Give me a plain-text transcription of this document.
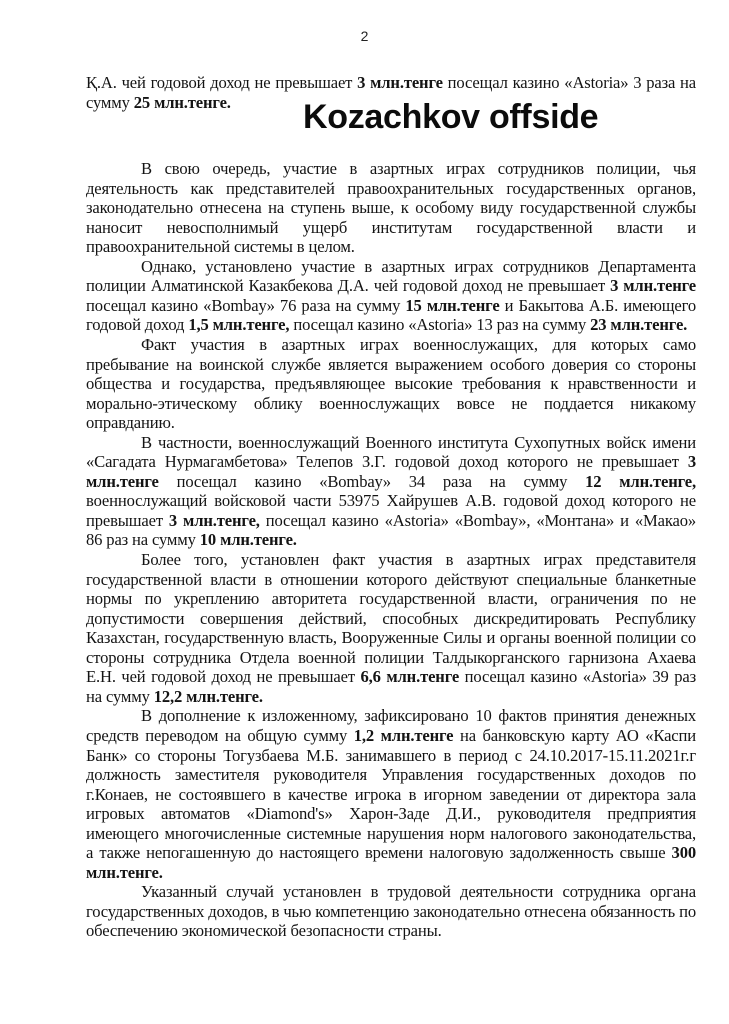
2

Қ.А. чей годовой доход не превышает 3 млн.тенге посещал казино «Astoria» 3 раза на сумму 25 млн.тенге.

В свою очередь, участие в азартных играх сотрудников полиции, чья деятельность как представителей правоохранительных государственных органов, законодательно отнесена на ступень выше, к особому виду государственной службы наносит невосполнимый ущерб институтам государственной власти и правоохранительной системы в целом.

Однако, установлено участие в азартных играх сотрудников Департамента полиции Алматинской Казакбекова Д.А. чей годовой доход не превышает 3 млн.тенге посещал казино «Bombay» 76 раза на сумму 15 млн.тенге и Бакытова А.Б. имеющего годовой доход 1,5 млн.тенге, посещал казино «Astoria» 13 раз на сумму 23 млн.тенге.

Факт участия в азартных играх военнослужащих, для которых само пребывание на воинской службе является выражением особого доверия со стороны общества и государства, предъявляющее высокие требования к нравственности и морально-этическому облику военнослужащих вовсе не поддается никакому оправданию.

В частности, военнослужащий Военного института Сухопутных войск имени «Сагадата Нурмагамбетова» Телепов З.Г. годовой доход которого не превышает 3 млн.тенге посещал казино «Bombay» 34 раза на сумму 12 млн.тенге, военнослужащий войсковой части 53975 Хайрушев А.В. годовой доход которого не превышает 3 млн.тенге, посещал казино «Astoria» «Bombay», «Монтана» и «Макао» 86 раз на сумму 10 млн.тенге.

Более того, установлен факт участия в азартных играх представителя государственной власти в отношении которого действуют специальные бланкетные нормы по укреплению авторитета государственной власти, ограничения по не допустимости совершения действий, способных дискредитировать Республику Казахстан, государственную власть, Вооруженные Силы и органы военной полиции со стороны сотрудника Отдела военной полиции Талдыкорганского гарнизона Ахаева Е.Н. чей годовой доход не превышает 6,6 млн.тенге посещал казино «Astoria» 39 раз на сумму 12,2 млн.тенге.

В дополнение к изложенному, зафиксировано 10 фактов принятия денежных средств переводом на общую сумму 1,2 млн.тенге на банковскую карту АО «Каспи Банк» со стороны Тогузбаева М.Б. занимавшего в период с 24.10.2017-15.11.2021г.г должность заместителя руководителя Управления государственных доходов по г.Конаев, не состоявшего в качестве игрока в игорном заведении от директора зала игровых автоматов «Diamond's» Харон-Заде Д.И., руководителя предприятия имеющего многочисленные системные нарушения норм налогового законодательства, а также непогашенную до настоящего времени налоговую задолженность свыше 300 млн.тенге.

Указанный случай установлен в трудовой деятельности сотрудника органа государственных доходов, в чью компетенцию законодательно отнесена обязанность по обеспечению экономической безопасности страны.

Kozachkov offside
